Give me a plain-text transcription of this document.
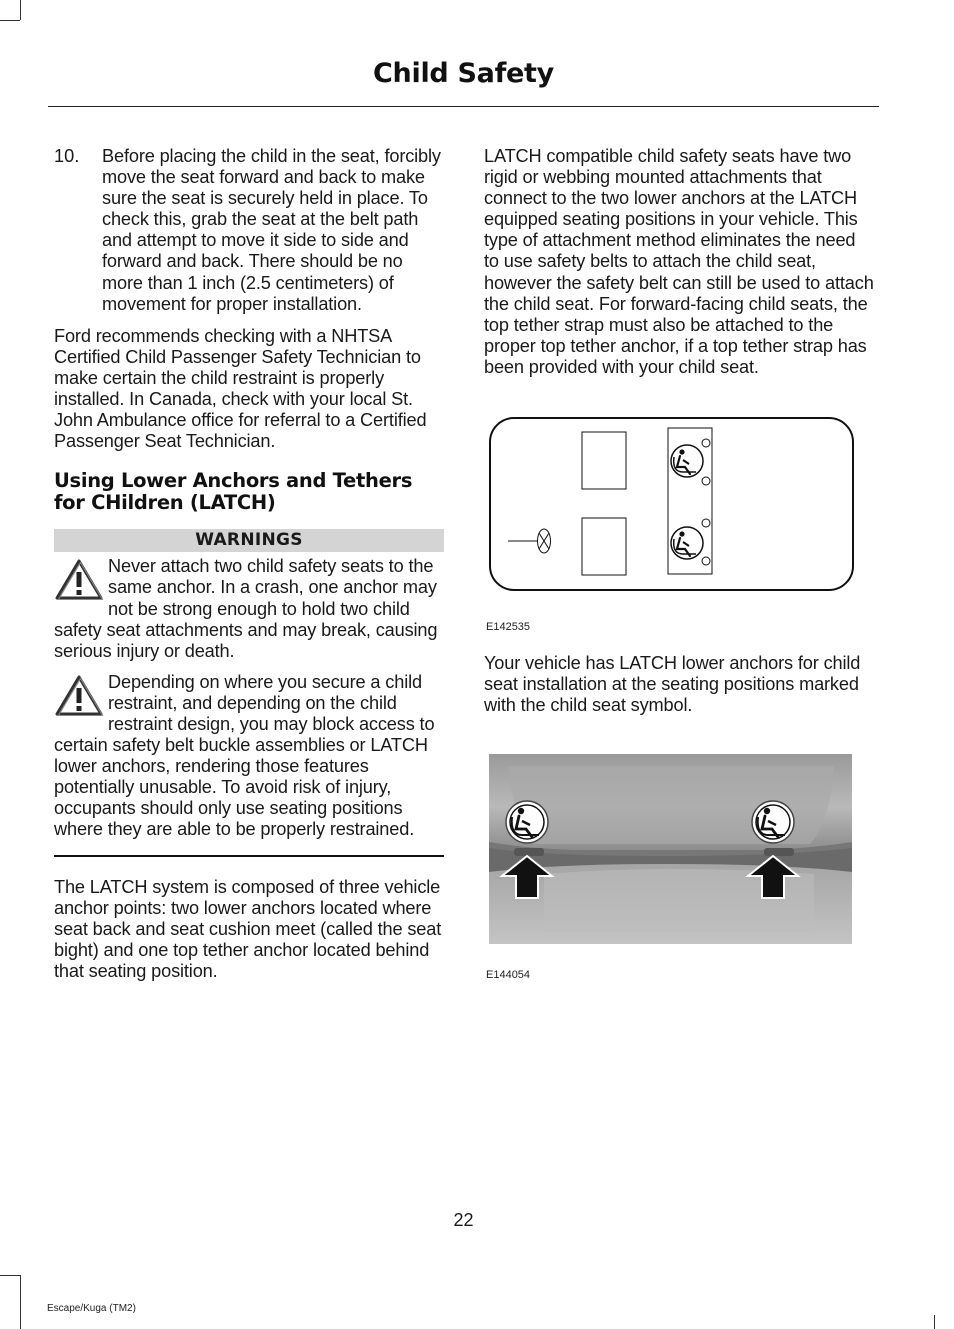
Child Safety
10.	Before placing the child in the seat, forcibly move the seat forward and back to make sure the seat is securely held in place. To check this, grab the seat at the belt path and attempt to move it side to side and forward and back. There should be no more than 1 inch (2.5 centimeters) of movement for proper installation.

Ford recommends checking with a NHTSA Certified Child Passenger Safety Technician to make certain the child restraint is properly installed. In Canada, check with your local St. John Ambulance office for referral to a Certified Passenger Seat Technician.

Using Lower Anchors and Tethers for CHildren (LATCH)
WARNINGS
Never attach two child safety seats to the same anchor. In a crash, one anchor may not be strong enough to hold two child safety seat attachments and may break, causing serious injury or death.
Depending on where you secure a child restraint, and depending on the child restraint design, you may block access to certain safety belt buckle assemblies or LATCH lower anchors, rendering those features potentially unusable. To avoid risk of injury, occupants should only use seating positions where they are able to be properly restrained.

The LATCH system is composed of three vehicle anchor points: two lower anchors located where seat back and seat cushion meet (called the seat bight) and one top tether anchor located behind that seating position.

LATCH compatible child safety seats have two rigid or webbing mounted attachments that connect to the two lower anchors at the LATCH equipped seating positions in your vehicle. This type of attachment method eliminates the need to use safety belts to attach the child seat, however the safety belt can still be used to attach the child seat. For forward-facing child seats, the top tether strap must also be attached to the proper top tether anchor, if a top tether strap has been provided with your child seat.

E142535

Your vehicle has LATCH lower anchors for child seat installation at the seating positions marked with the child seat symbol.

E144054
22
Escape/Kuga (TM2)
